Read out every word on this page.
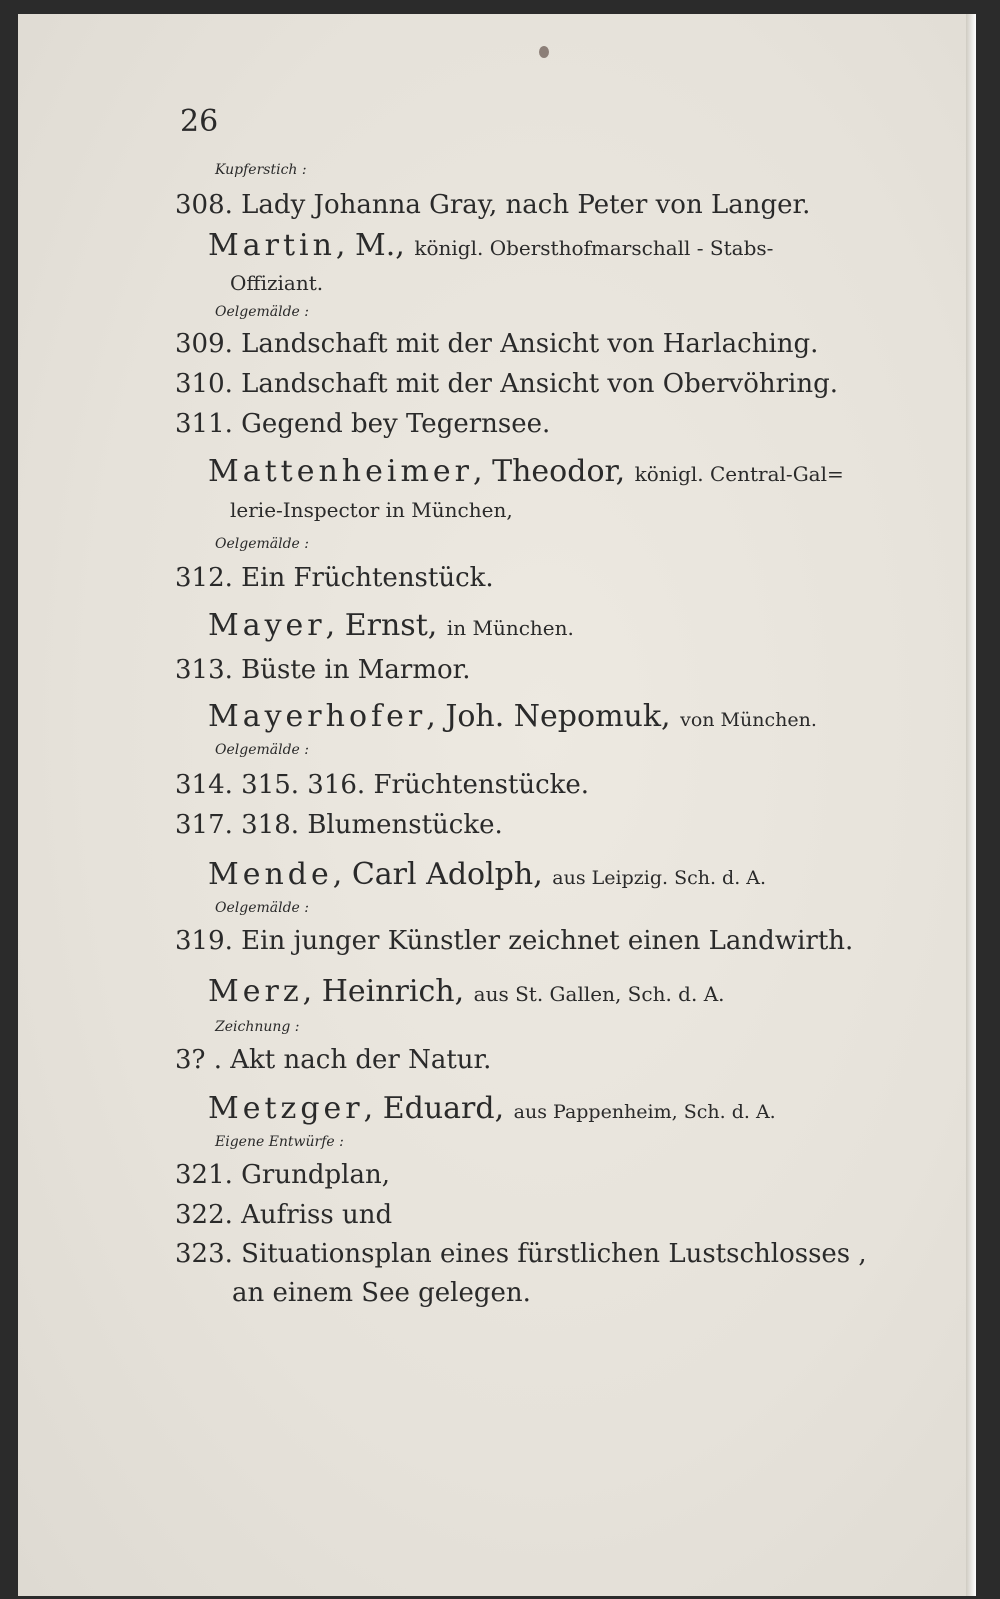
26
Kupferstich :
308. Lady Johanna Gray, nach Peter von Langer.
Martin, M., königl. Obersthofmarschall - Stabs-
Offiziant.
Oelgemälde :
309. Landschaft mit der Ansicht von Harlaching.
310. Landschaft mit der Ansicht von Obervöhring.
311. Gegend bey Tegernsee.
Mattenheimer, Theodor, königl. Central-Gal=
lerie-Inspector in München,
Oelgemälde :
312. Ein Früchtenstück.
Mayer, Ernst, in München.
313. Büste in Marmor.
Mayerhofer, Joh. Nepomuk, von München.
Oelgemälde :
314. 315. 316. Früchtenstücke.
317. 318. Blumenstücke.
Mende, Carl Adolph, aus Leipzig. Sch. d. A.
Oelgemälde :
319. Ein junger Künstler zeichnet einen Landwirth.
Merz, Heinrich, aus St. Gallen, Sch. d. A.
Zeichnung :
3? . Akt nach der Natur.
Metzger, Eduard, aus Pappenheim, Sch. d. A.
Eigene Entwürfe :
321. Grundplan,
322. Aufriss und
323. Situationsplan eines fürstlichen Lustschlosses ,
an einem See gelegen.
